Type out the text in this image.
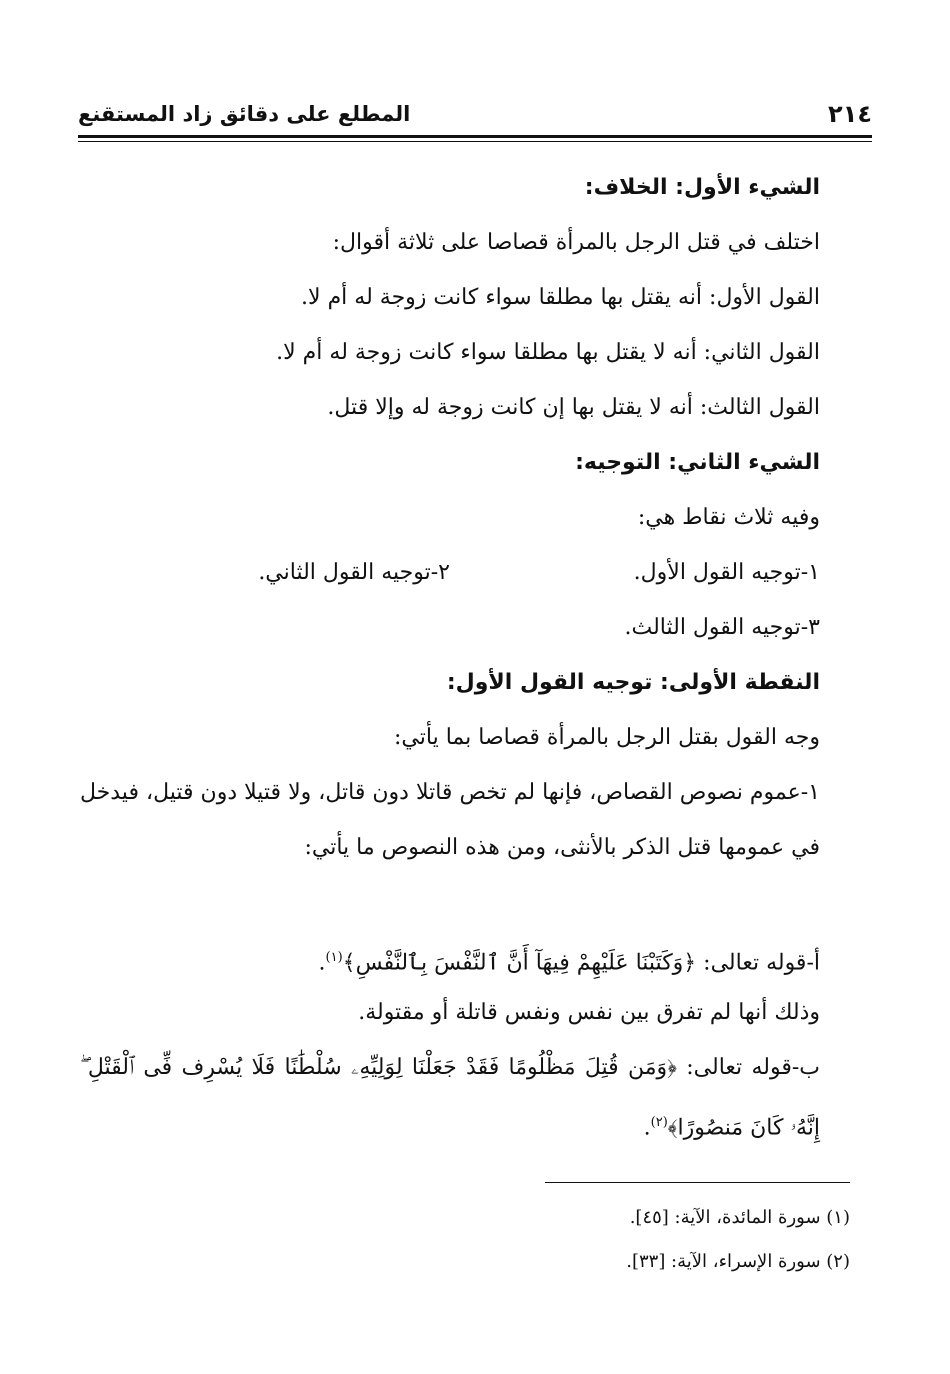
٢١٤
المطلع على دقائق زاد المستقنع
الشيء الأول: الخلاف:
اختلف في قتل الرجل بالمرأة قصاصا على ثلاثة أقوال:
القول الأول: أنه يقتل بها مطلقا سواء كانت زوجة له أم لا.
القول الثاني: أنه لا يقتل بها مطلقا سواء كانت زوجة له أم لا.
القول الثالث: أنه لا يقتل بها إن كانت زوجة له وإلا قتل.
الشيء الثاني: التوجيه:
وفيه ثلاث نقاط هي:
١-توجيه القول الأول.
٢-توجيه القول الثاني.
٣-توجيه القول الثالث.
النقطة الأولى: توجيه القول الأول:
وجه القول بقتل الرجل بالمرأة قصاصا بما يأتي:
١-عموم نصوص القصاص، فإنها لم تخص قاتلا دون قاتل، ولا قتيلا دون قتيل، فيدخل في عمومها قتل الذكر بالأنثى، ومن هذه النصوص ما يأتي:
أ-قوله تعالى: ﴿وَكَتَبْنَا عَلَيْهِمْ فِيهَآ أَنَّ ٱلنَّفْسَ بِٱلنَّفْسِ﴾$^{(١)}$.
وذلك أنها لم تفرق بين نفس ونفس قاتلة أو مقتولة.
ب-قوله تعالى: ﴿وَمَن قُتِلَ مَظْلُومًا فَقَدْ جَعَلْنَا لِوَلِيِّهِۦ سُلْطَٰنًا فَلَا يُسْرِف فِّى ٱلْقَتْلِ ۖ إِنَّهُۥ كَانَ مَنصُورًا﴾$^{(٢)}$.
(١) سورة المائدة، الآية: [٤٥].
(٢) سورة الإسراء، الآية: [٣٣].
